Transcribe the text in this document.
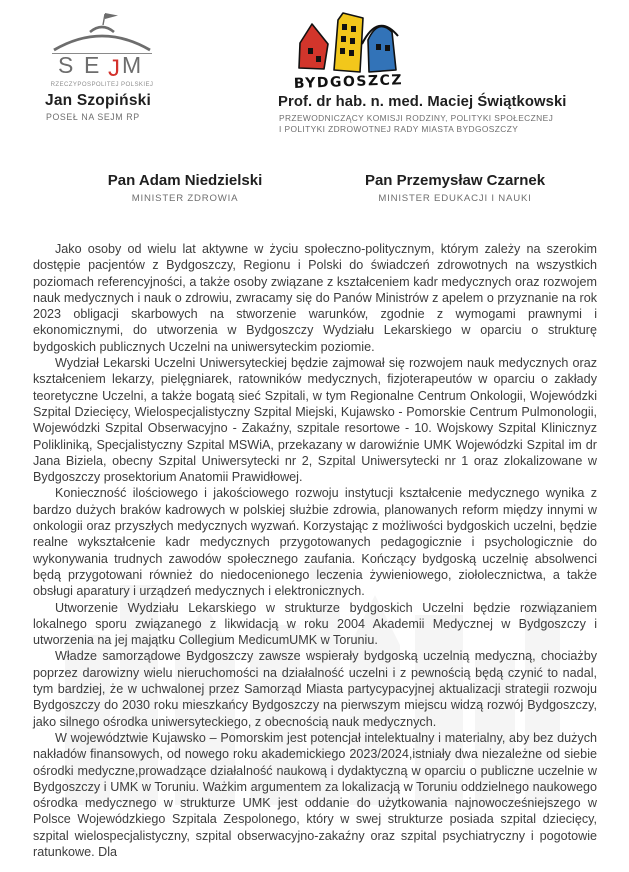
S E J M
RZECZYPOSPOLITEJ POLSKIEJ
Jan Szopiński
POSEŁ NA SEJM RP
BYDGOSZCZ
Prof. dr hab. n. med. Maciej Świątkowski
PRZEWODNICZĄCY KOMISJI RODZINY, POLITYKI SPOŁECZNEJ
I POLITYKI ZDROWOTNEJ RADY MIASTA BYDGOSZCZY
Pan Adam Niedzielski
MINISTER ZDROWIA
Pan Przemysław Czarnek
MINISTER EDUKACJI I NAUKI

Jako osoby od wielu lat aktywne w życiu społeczno-politycznym, którym zależy na szerokim dostępie pacjentów z Bydgoszczy, Regionu i Polski do świadczeń zdrowotnych na wszystkich poziomach referencyjności, a także osoby związane z kształceniem kadr medycznych oraz rozwojem nauk medycznych i nauk o zdrowiu, zwracamy się do Panów Ministrów z apelem o przyznanie na rok 2023 obligacji skarbowych na stworzenie warunków, zgodnie z wymogami prawnymi i ekonomicznymi, do utworzenia w Bydgoszczy Wydziału Lekarskiego w oparciu o strukturę bydgoskich publicznych Uczelni na uniwersyteckim poziomie.

Wydział Lekarski Uczelni Uniwersyteckiej będzie zajmował się rozwojem nauk medycznych oraz kształceniem lekarzy, pielęgniarek, ratowników medycznych, fizjoterapeutów w oparciu o zakłady teoretyczne Uczelni, a także bogatą sieć Szpitali, w tym Regionalne Centrum Onkologii, Wojewódzki Szpital Dziecięcy, Wielospecjalistyczny Szpital Miejski, Kujawsko - Pomorskie Centrum Pulmonologii, Wojewódzki Szpital Obserwacyjno - Zakaźny, szpitale resortowe - 10. Wojskowy Szpital Klinicznyz Polikliniką, Specjalistyczny Szpital MSWiA, przekazany w darowiźnie UMK Wojewódzki Szpital im dr Jana Biziela, obecny Szpital Uniwersytecki nr 2, Szpital Uniwersytecki nr 1 oraz zlokalizowane w Bydgoszczy prosektorium Anatomii Prawidłowej.

Konieczność ilościowego i jakościowego rozwoju instytucji kształcenie medycznego wynika z bardzo dużych braków kadrowych w polskiej służbie zdrowia, planowanych reform między innymi w onkologii oraz przyszłych medycznych wyzwań. Korzystając z możliwości bydgoskich uczelni, będzie realne wykształcenie kadr medycznych przygotowanych pedagogicznie i psychologicznie do wykonywania trudnych zawodów społecznego zaufania. Kończący bydgoską uczelnię absolwenci będą przygotowani również do niedocenionego leczenia żywieniowego, ziołolecznictwa, a także obsługi aparatury i urządzeń medycznych i elektronicznych.

Utworzenie Wydziału Lekarskiego w strukturze bydgoskich Uczelni będzie rozwiązaniem lokalnego sporu związanego z likwidacją w roku 2004 Akademii Medycznej w Bydgoszczy i utworzenia na jej majątku Collegium MedicumUMK w Toruniu.

Władze samorządowe Bydgoszczy zawsze wspierały bydgoską uczelnią medyczną, chociażby poprzez darowizny wielu nieruchomości na działalność uczelni i z pewnością będą czynić to nadal, tym bardziej, że w uchwalonej przez Samorząd Miasta partycypacyjnej aktualizacji strategii rozwoju Bydgoszczy do 2030 roku mieszkańcy Bydgoszczy na pierwszym miejscu widzą rozwój Bydgoszczy, jako silnego ośrodka uniwersyteckiego, z obecnością nauk medycznych.

W województwie Kujawsko – Pomorskim jest potencjał intelektualny i materialny, aby bez dużych nakładów finansowych, od nowego roku akademickiego 2023/2024,istniały dwa niezależne od siebie ośrodki medyczne,prowadzące działalność naukową i dydaktyczną w oparciu o publiczne uczelnie w Bydgoszczy i UMK w Toruniu. Ważkim argumentem za lokalizacją w Toruniu oddzielnego naukowego ośrodka medycznego w strukturze UMK jest oddanie do użytkowania najnowocześniejszego w Polsce Wojewódzkiego Szpitala Zespolonego, który w swej strukturze posiada szpital dziecięcy, szpital wielospecjalistyczny, szpital obserwacyjno-zakaźny oraz szpital psychiatryczny i pogotowie ratunkowe. Dla
